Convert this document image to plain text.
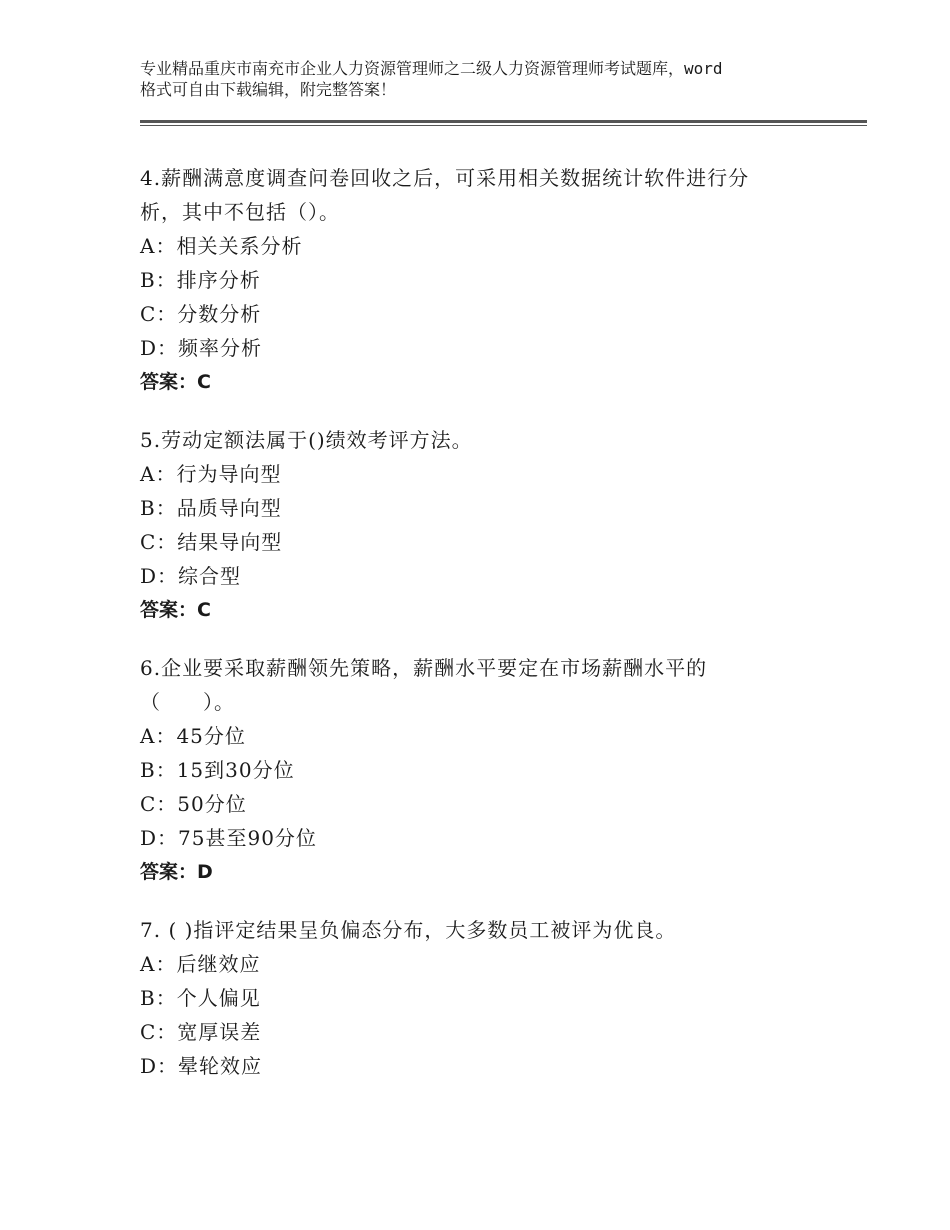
专业精品重庆市南充市企业人力资源管理师之二级人力资源管理师考试题库，word
格式可自由下载编辑，附完整答案！
4.薪酬满意度调查问卷回收之后，可采用相关数据统计软件进行分
析，其中不包括（）。
A：相关关系分析
B：排序分析
C：分数分析
D：频率分析
答案：C
5.劳动定额法属于()绩效考评方法。
A：行为导向型
B：品质导向型
C：结果导向型
D：综合型
答案：C
6.企业要采取薪酬领先策略，薪酬水平要定在市场薪酬水平的
（　　）。
A：45分位
B：15到30分位
C：50分位
D：75甚至90分位
答案：D
7. ( )指评定结果呈负偏态分布，大多数员工被评为优良。
A：后继效应
B：个人偏见
C：宽厚误差
D：晕轮效应
